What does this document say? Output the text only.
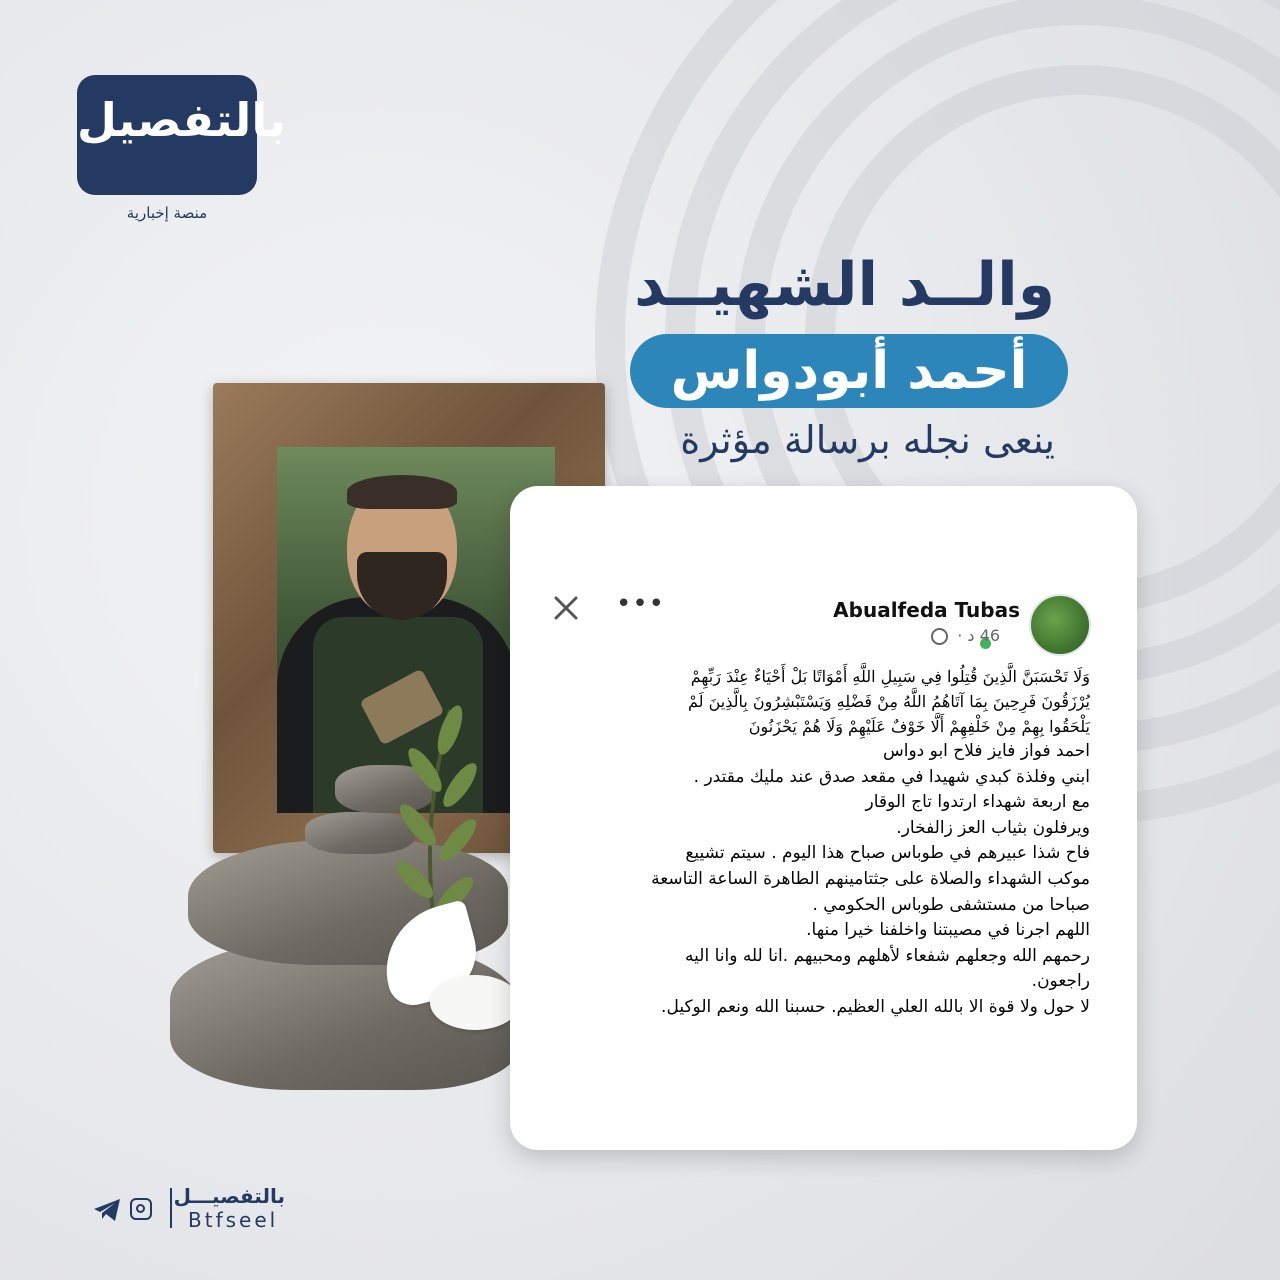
بالتفصيل
منصة إخبارية
والــد الشهيــد
أحمد أبودواس
ينعى نجله برسالة مؤثرة
•••	Abualfeda Tubas
46 د ·
وَلَا تَحْسَبَنَّ الَّذِينَ قُتِلُوا فِي سَبِيلِ اللَّهِ أَمْوَاتًا بَلْ أَحْيَاءٌ عِنْدَ رَبِّهِمْ
يُرْزَقُونَ فَرِحِينَ بِمَا آتَاهُمُ اللَّهُ مِنْ فَضْلِهِ وَيَسْتَبْشِرُونَ بِالَّذِينَ لَمْ
يَلْحَقُوا بِهِمْ مِنْ خَلْفِهِمْ أَلَّا خَوْفٌ عَلَيْهِمْ وَلَا هُمْ يَحْزَنُونَ
احمد فواز فايز فلاح ابو دواس
ابني وفلذة كبدي شهيدا في مقعد صدق عند مليك مقتدر .
مع اربعة شهداء ارتدوا تاج الوقار
ويرفلون بثياب العز زالفخار.
فاح شذا عبيرهم في طوباس صباح هذا اليوم . سيتم تشييع
موكب الشهداء والصلاة على جثتامينهم الطاهرة الساعة التاسعة
صباحا من مستشفى طوباس الحكومي .
اللهم اجرنا في مصيبتنا واخلفنا خيرا منها.
رحمهم الله وجعلهم شفعاء لأهلهم ومحبيهم .انا لله وانا اليه
راجعون.
لا حول ولا قوة الا بالله العلي العظيم. حسبنا الله ونعم الوكيل.
بالتفصيـــل
Btfseel
